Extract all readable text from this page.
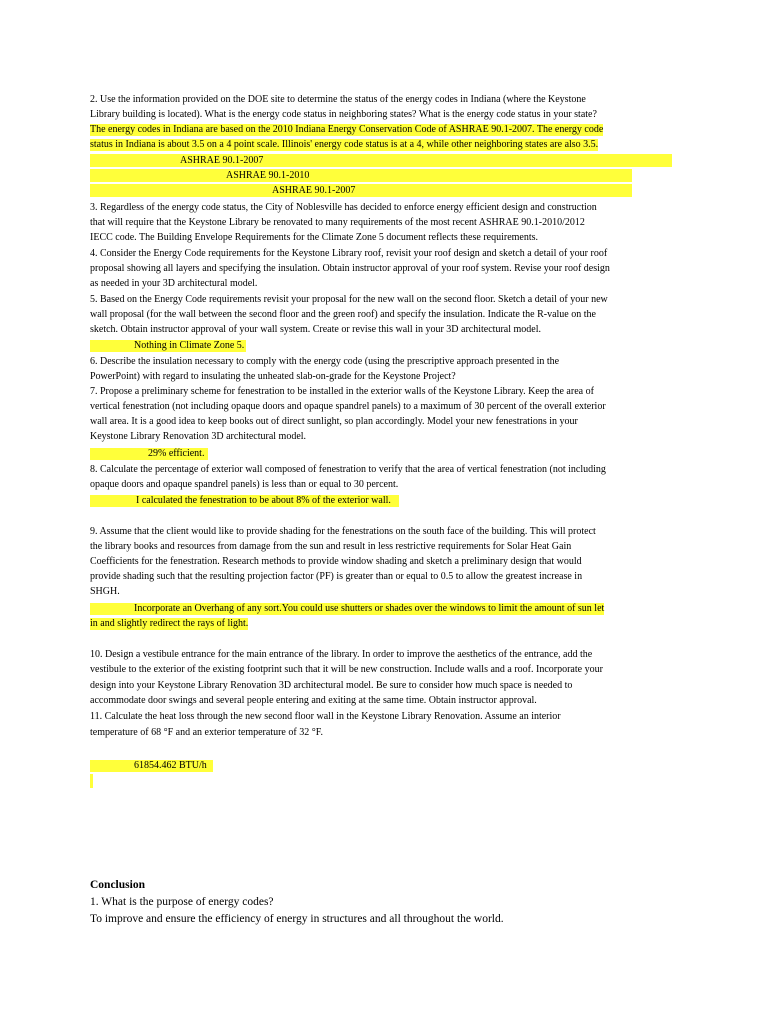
2. Use the information provided on the DOE site to determine the status of the energy codes in Indiana (where the Keystone
Library building is located). What is the energy code status in neighboring states? What is the energy code status in your state?
The energy codes in Indiana are based on the 2010 Indiana Energy Conservation Code of ASHRAE 90.1-2007. The energy code
status in Indiana is about 3.5 on a 4 point scale. Illinois' energy code status is at a 4, while other neighboring states are also 3.5.
ASHRAE 90.1-2007
ASHRAE 90.1-2010
ASHRAE 90.1-2007
3. Regardless of the energy code status, the City of Noblesville has decided to enforce energy efficient design and construction
that will require that the Keystone Library be renovated to many requirements of the most recent ASHRAE 90.1-2010/2012
IECC code. The Building Envelope Requirements for the Climate Zone 5 document reflects these requirements.
4. Consider the Energy Code requirements for the Keystone Library roof, revisit your roof design and sketch a detail of your roof
proposal showing all layers and specifying the insulation. Obtain instructor approval of your roof system. Revise your roof design
as needed in your 3D architectural model.
5. Based on the Energy Code requirements revisit your proposal for the new wall on the second floor. Sketch a detail of your new
wall proposal (for the wall between the second floor and the green roof) and specify the insulation. Indicate the R-value on the
sketch. Obtain instructor approval of your wall system. Create or revise this wall in your 3D architectural model.
Nothing in Climate Zone 5.
6. Describe the insulation necessary to comply with the energy code (using the prescriptive approach presented in the
PowerPoint) with regard to insulating the unheated slab-on-grade for the Keystone Project?
7. Propose a preliminary scheme for fenestration to be installed in the exterior walls of the Keystone Library. Keep the area of
vertical fenestration (not including opaque doors and opaque spandrel panels) to a maximum of 30 percent of the overall exterior
wall area. It is a good idea to keep books out of direct sunlight, so plan accordingly. Model your new fenestrations in your
Keystone Library Renovation 3D architectural model.
29% efficient.
8. Calculate the percentage of exterior wall composed of fenestration to verify that the area of vertical fenestration (not including
opaque doors and opaque spandrel panels) is less than or equal to 30 percent.
I calculated the fenestration to be about 8% of the exterior wall.
9. Assume that the client would like to provide shading for the fenestrations on the south face of the building. This will protect
the library books and resources from damage from the sun and result in less restrictive requirements for Solar Heat Gain
Coefficients for the fenestration. Research methods to provide window shading and sketch a preliminary design that would
provide shading such that the resulting projection factor (PF) is greater than or equal to 0.5 to allow the greatest increase in
SHGH.
Incorporate an Overhang of any sort.You could use shutters or shades over the windows to limit the amount of sun let
in and slightly redirect the rays of light.
10. Design a vestibule entrance for the main entrance of the library. In order to improve the aesthetics of the entrance, add the
vestibule to the exterior of the existing footprint such that it will be new construction. Include walls and a roof. Incorporate your
design into your Keystone Library Renovation 3D architectural model. Be sure to consider how much space is needed to
accommodate door swings and several people entering and exiting at the same time. Obtain instructor approval.
11. Calculate the heat loss through the new second floor wall in the Keystone Library Renovation. Assume an interior
temperature of 68 °F and an exterior temperature of 32 °F.
61854.462 BTU/h
Conclusion
1. What is the purpose of energy codes?
To improve and ensure the efficiency of energy in structures and all throughout the world.
